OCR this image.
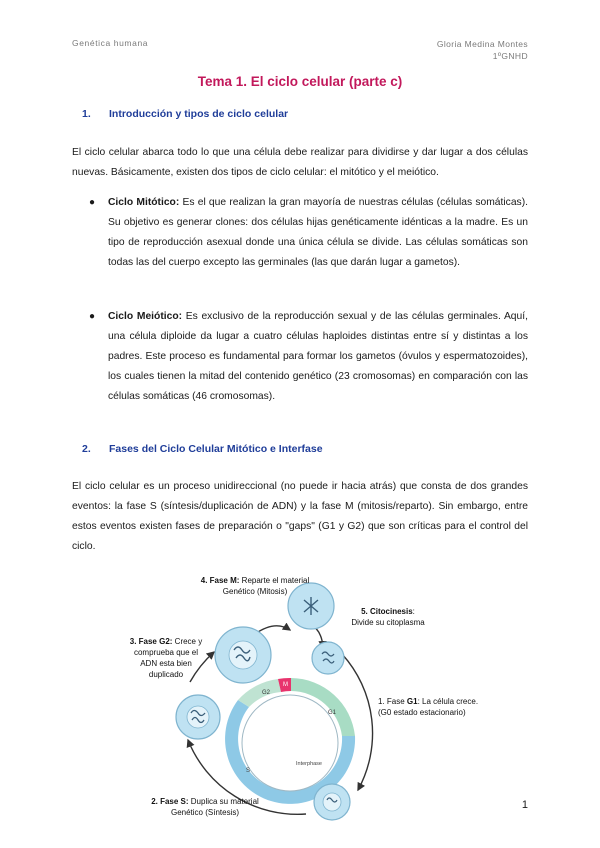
Genética humana	Gloria Medina Montes
1ºGNHD
Tema 1. El ciclo celular (parte c)
1. Introducción y tipos de ciclo celular
El ciclo celular abarca todo lo que una célula debe realizar para dividirse y dar lugar a dos células nuevas. Básicamente, existen dos tipos de ciclo celular: el mitótico y el meiótico.
● Ciclo Mitótico: Es el que realizan la gran mayoría de nuestras células (células somáticas). Su objetivo es generar clones: dos células hijas genéticamente idénticas a la madre. Es un tipo de reproducción asexual donde una única célula se divide. Las células somáticas son todas las del cuerpo excepto las germinales (las que darán lugar a gametos).
● Ciclo Meiótico: Es exclusivo de la reproducción sexual y de las células germinales. Aquí, una célula diploide da lugar a cuatro células haploides distintas entre sí y distintas a los padres. Este proceso es fundamental para formar los gametos (óvulos y espermatozoides), los cuales tienen la mitad del contenido genético (23 cromosomas) en comparación con las células somáticas (46 cromosomas).
2. Fases del Ciclo Celular Mitótico e Interfase
El ciclo celular es un proceso unidireccional (no puede ir hacia atrás) que consta de dos grandes eventos: la fase S (síntesis/duplicación de ADN) y la fase M (mitosis/reparto). Sin embargo, entre estos eventos existen fases de preparación o "gaps" (G1 y G2) que son críticas para el control del ciclo.
G2
M
G1
S
Interphase
4. Fase M: Reparte el material
Genético (Mitosis)
5. Citocinesis:
Divide su citoplasma
3. Fase G2: Crece y
comprueba que el
ADN esta bien
duplicado
1. Fase G1: La célula crece.
(G0 estado estacionario)
2. Fase S: Duplica su material
Genético (Síntesis)
1
